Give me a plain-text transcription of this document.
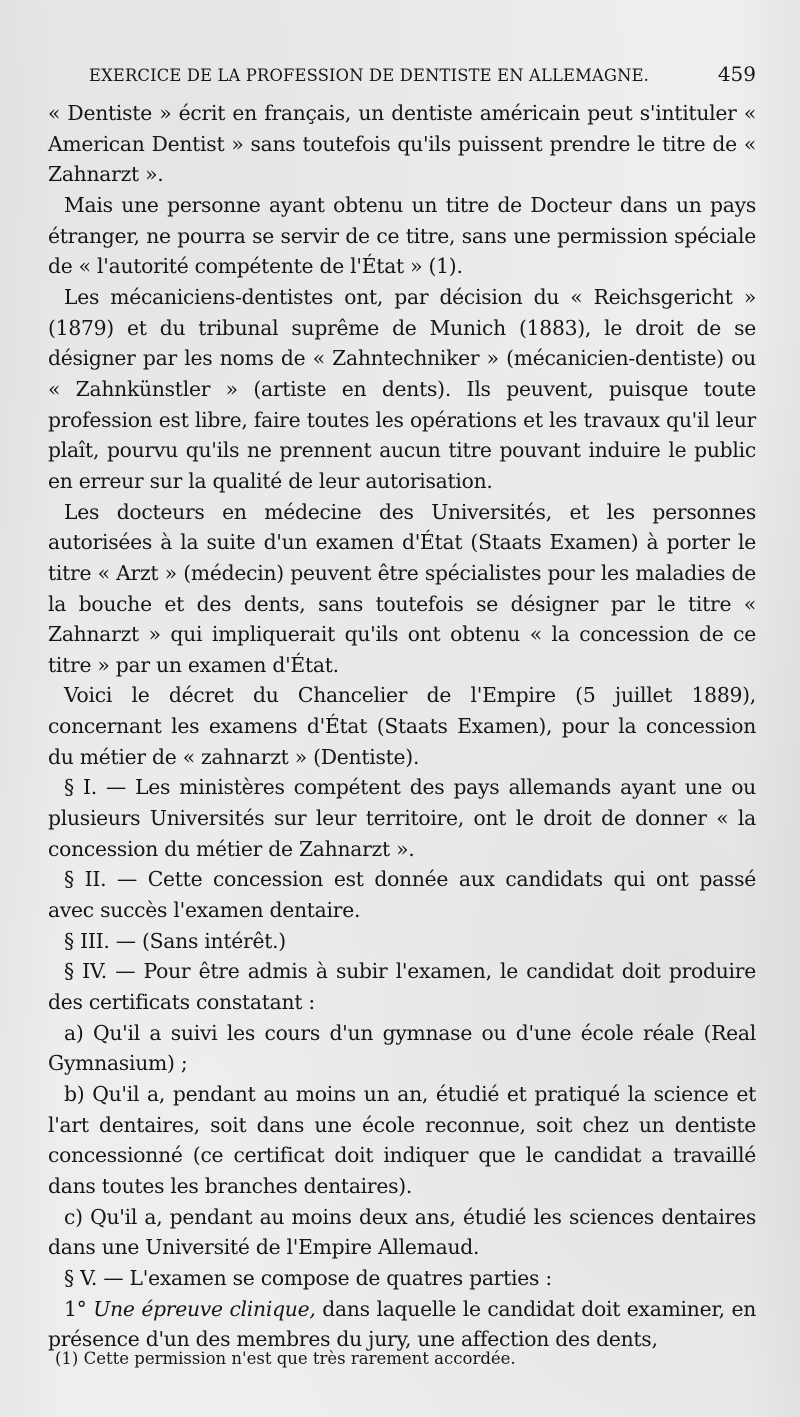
EXERCICE DE LA PROFESSION DE DENTISTE EN ALLEMAGNE.	459

« Dentiste » écrit en français, un dentiste américain peut s'intituler « American Dentist » sans toutefois qu'ils puissent prendre le titre de « Zahnarzt ».

Mais une personne ayant obtenu un titre de Docteur dans un pays étranger, ne pourra se servir de ce titre, sans une permission spéciale de « l'autorité compétente de l'État » (1).

Les mécaniciens-dentistes ont, par décision du « Reichsgericht » (1879) et du tribunal suprême de Munich (1883), le droit de se désigner par les noms de « Zahntechniker » (mécanicien-dentiste) ou « Zahnkünstler » (artiste en dents). Ils peuvent, puisque toute profession est libre, faire toutes les opérations et les travaux qu'il leur plaît, pourvu qu'ils ne prennent aucun titre pouvant induire le public en erreur sur la qualité de leur autorisation.

Les docteurs en médecine des Universités, et les personnes autorisées à la suite d'un examen d'État (Staats Examen) à porter le titre « Arzt » (médecin) peuvent être spécialistes pour les maladies de la bouche et des dents, sans toutefois se désigner par le titre « Zahnarzt » qui impliquerait qu'ils ont obtenu « la concession de ce titre » par un examen d'État.

Voici le décret du Chancelier de l'Empire (5 juillet 1889), concernant les examens d'État (Staats Examen), pour la concession du métier de « zahnarzt » (Dentiste).

§ I. — Les ministères compétent des pays allemands ayant une ou plusieurs Universités sur leur territoire, ont le droit de donner « la concession du métier de Zahnarzt ».

§ II. — Cette concession est donnée aux candidats qui ont passé avec succès l'examen dentaire.

§ III. — (Sans intérêt.)

§ IV. — Pour être admis à subir l'examen, le candidat doit produire des certificats constatant :

a) Qu'il a suivi les cours d'un gymnase ou d'une école réale (Real Gymnasium) ;

b) Qu'il a, pendant au moins un an, étudié et pratiqué la science et l'art dentaires, soit dans une école reconnue, soit chez un dentiste concessionné (ce certificat doit indiquer que le candidat a travaillé dans toutes les branches dentaires).

c) Qu'il a, pendant au moins deux ans, étudié les sciences dentaires dans une Université de l'Empire Allemaud.

§ V. — L'examen se compose de quatres parties :

1° Une épreuve clinique, dans laquelle le candidat doit examiner, en présence d'un des membres du jury, une affection des dents,

(1) Cette permission n'est que très rarement accordée.
